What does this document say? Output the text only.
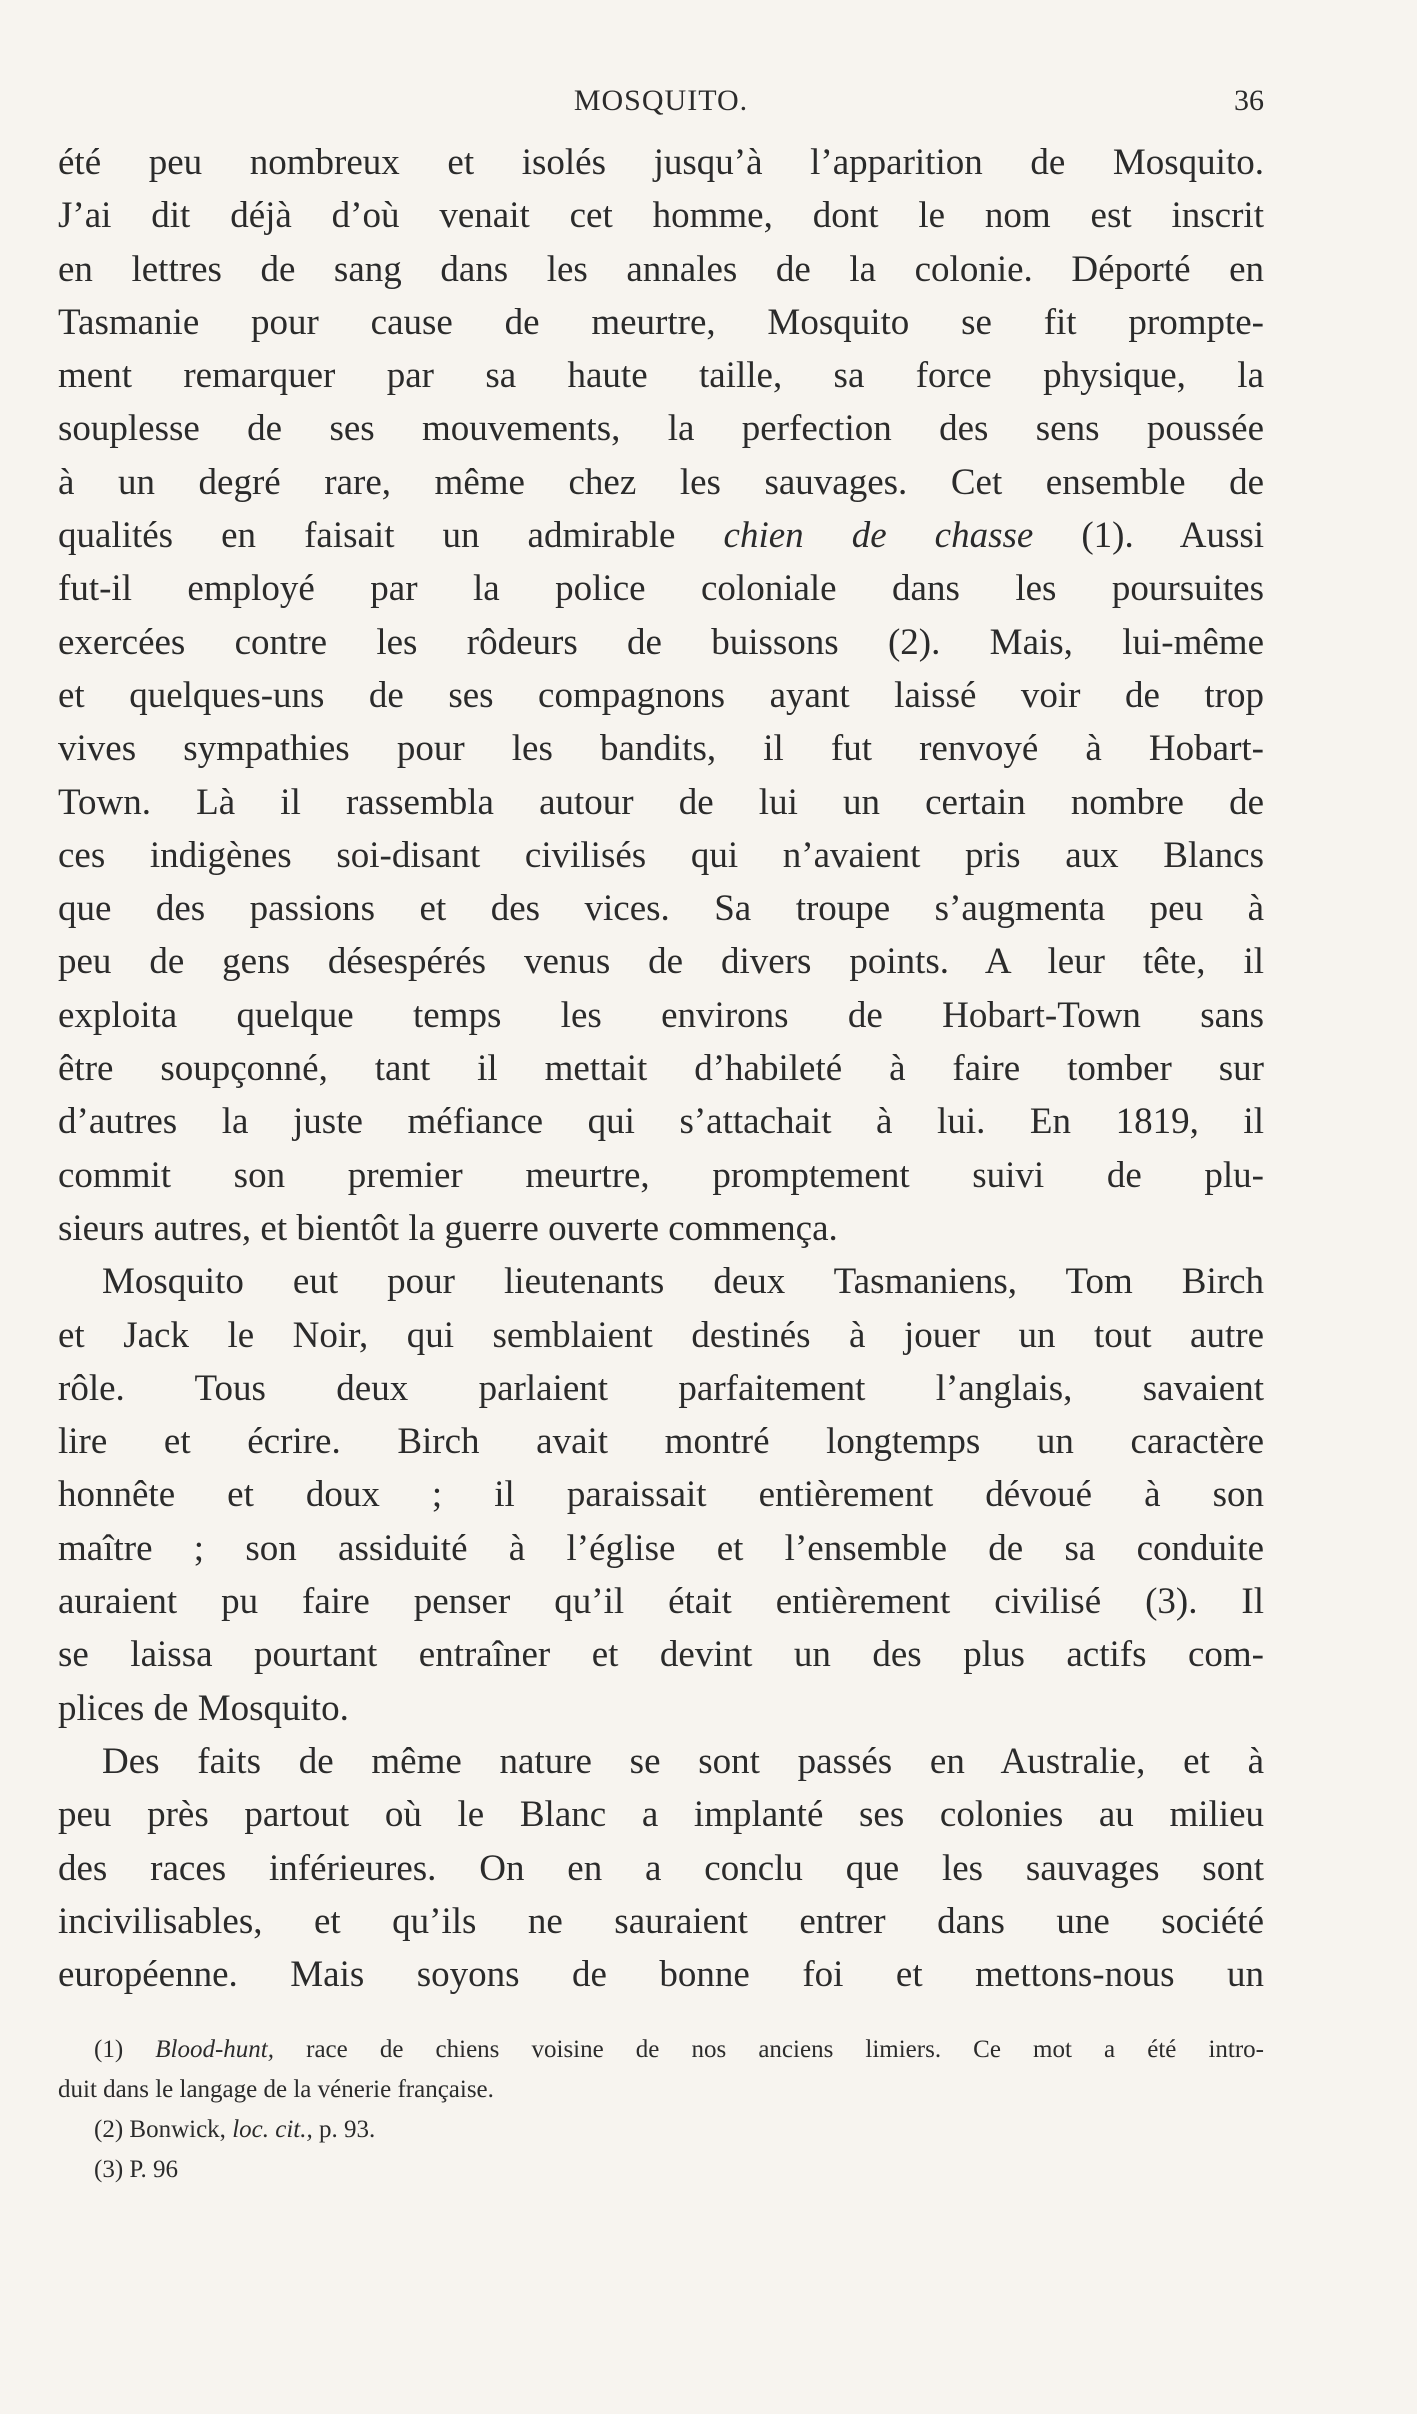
MOSQUITO.	36
été peu nombreux et isolés jusqu’à l’apparition de Mosquito.
J’ai dit déjà d’où venait cet homme, dont le nom est inscrit
en lettres de sang dans les annales de la colonie. Déporté en
Tasmanie pour cause de meurtre, Mosquito se fit prompte-
ment remarquer par sa haute taille, sa force physique, la
souplesse de ses mouvements, la perfection des sens poussée
à un degré rare, même chez les sauvages. Cet ensemble de
qualités en faisait un admirable chien de chasse (1). Aussi
fut-il employé par la police coloniale dans les poursuites
exercées contre les rôdeurs de buissons (2). Mais, lui-même
et quelques-uns de ses compagnons ayant laissé voir de trop
vives sympathies pour les bandits, il fut renvoyé à Hobart-
Town. Là il rassembla autour de lui un certain nombre de
ces indigènes soi-disant civilisés qui n’avaient pris aux Blancs
que des passions et des vices. Sa troupe s’augmenta peu à
peu de gens désespérés venus de divers points. A leur tête, il
exploita quelque temps les environs de Hobart-Town sans
être soupçonné, tant il mettait d’habileté à faire tomber sur
d’autres la juste méfiance qui s’attachait à lui. En 1819, il
commit son premier meurtre, promptement suivi de plu-
sieurs autres, et bientôt la guerre ouverte commença.
Mosquito eut pour lieutenants deux Tasmaniens, Tom Birch
et Jack le Noir, qui semblaient destinés à jouer un tout autre
rôle. Tous deux parlaient parfaitement l’anglais, savaient
lire et écrire. Birch avait montré longtemps un caractère
honnête et doux ; il paraissait entièrement dévoué à son
maître ; son assiduité à l’église et l’ensemble de sa conduite
auraient pu faire penser qu’il était entièrement civilisé (3). Il
se laissa pourtant entraîner et devint un des plus actifs com-
plices de Mosquito.
Des faits de même nature se sont passés en Australie, et à
peu près partout où le Blanc a implanté ses colonies au milieu
des races inférieures. On en a conclu que les sauvages sont
incivilisables, et qu’ils ne sauraient entrer dans une société
européenne. Mais soyons de bonne foi et mettons-nous un
(1) Blood-hunt, race de chiens voisine de nos anciens limiers. Ce mot a été intro-
duit dans le langage de la vénerie française.
(2) Bonwick, loc. cit., p. 93.
(3) P. 96
